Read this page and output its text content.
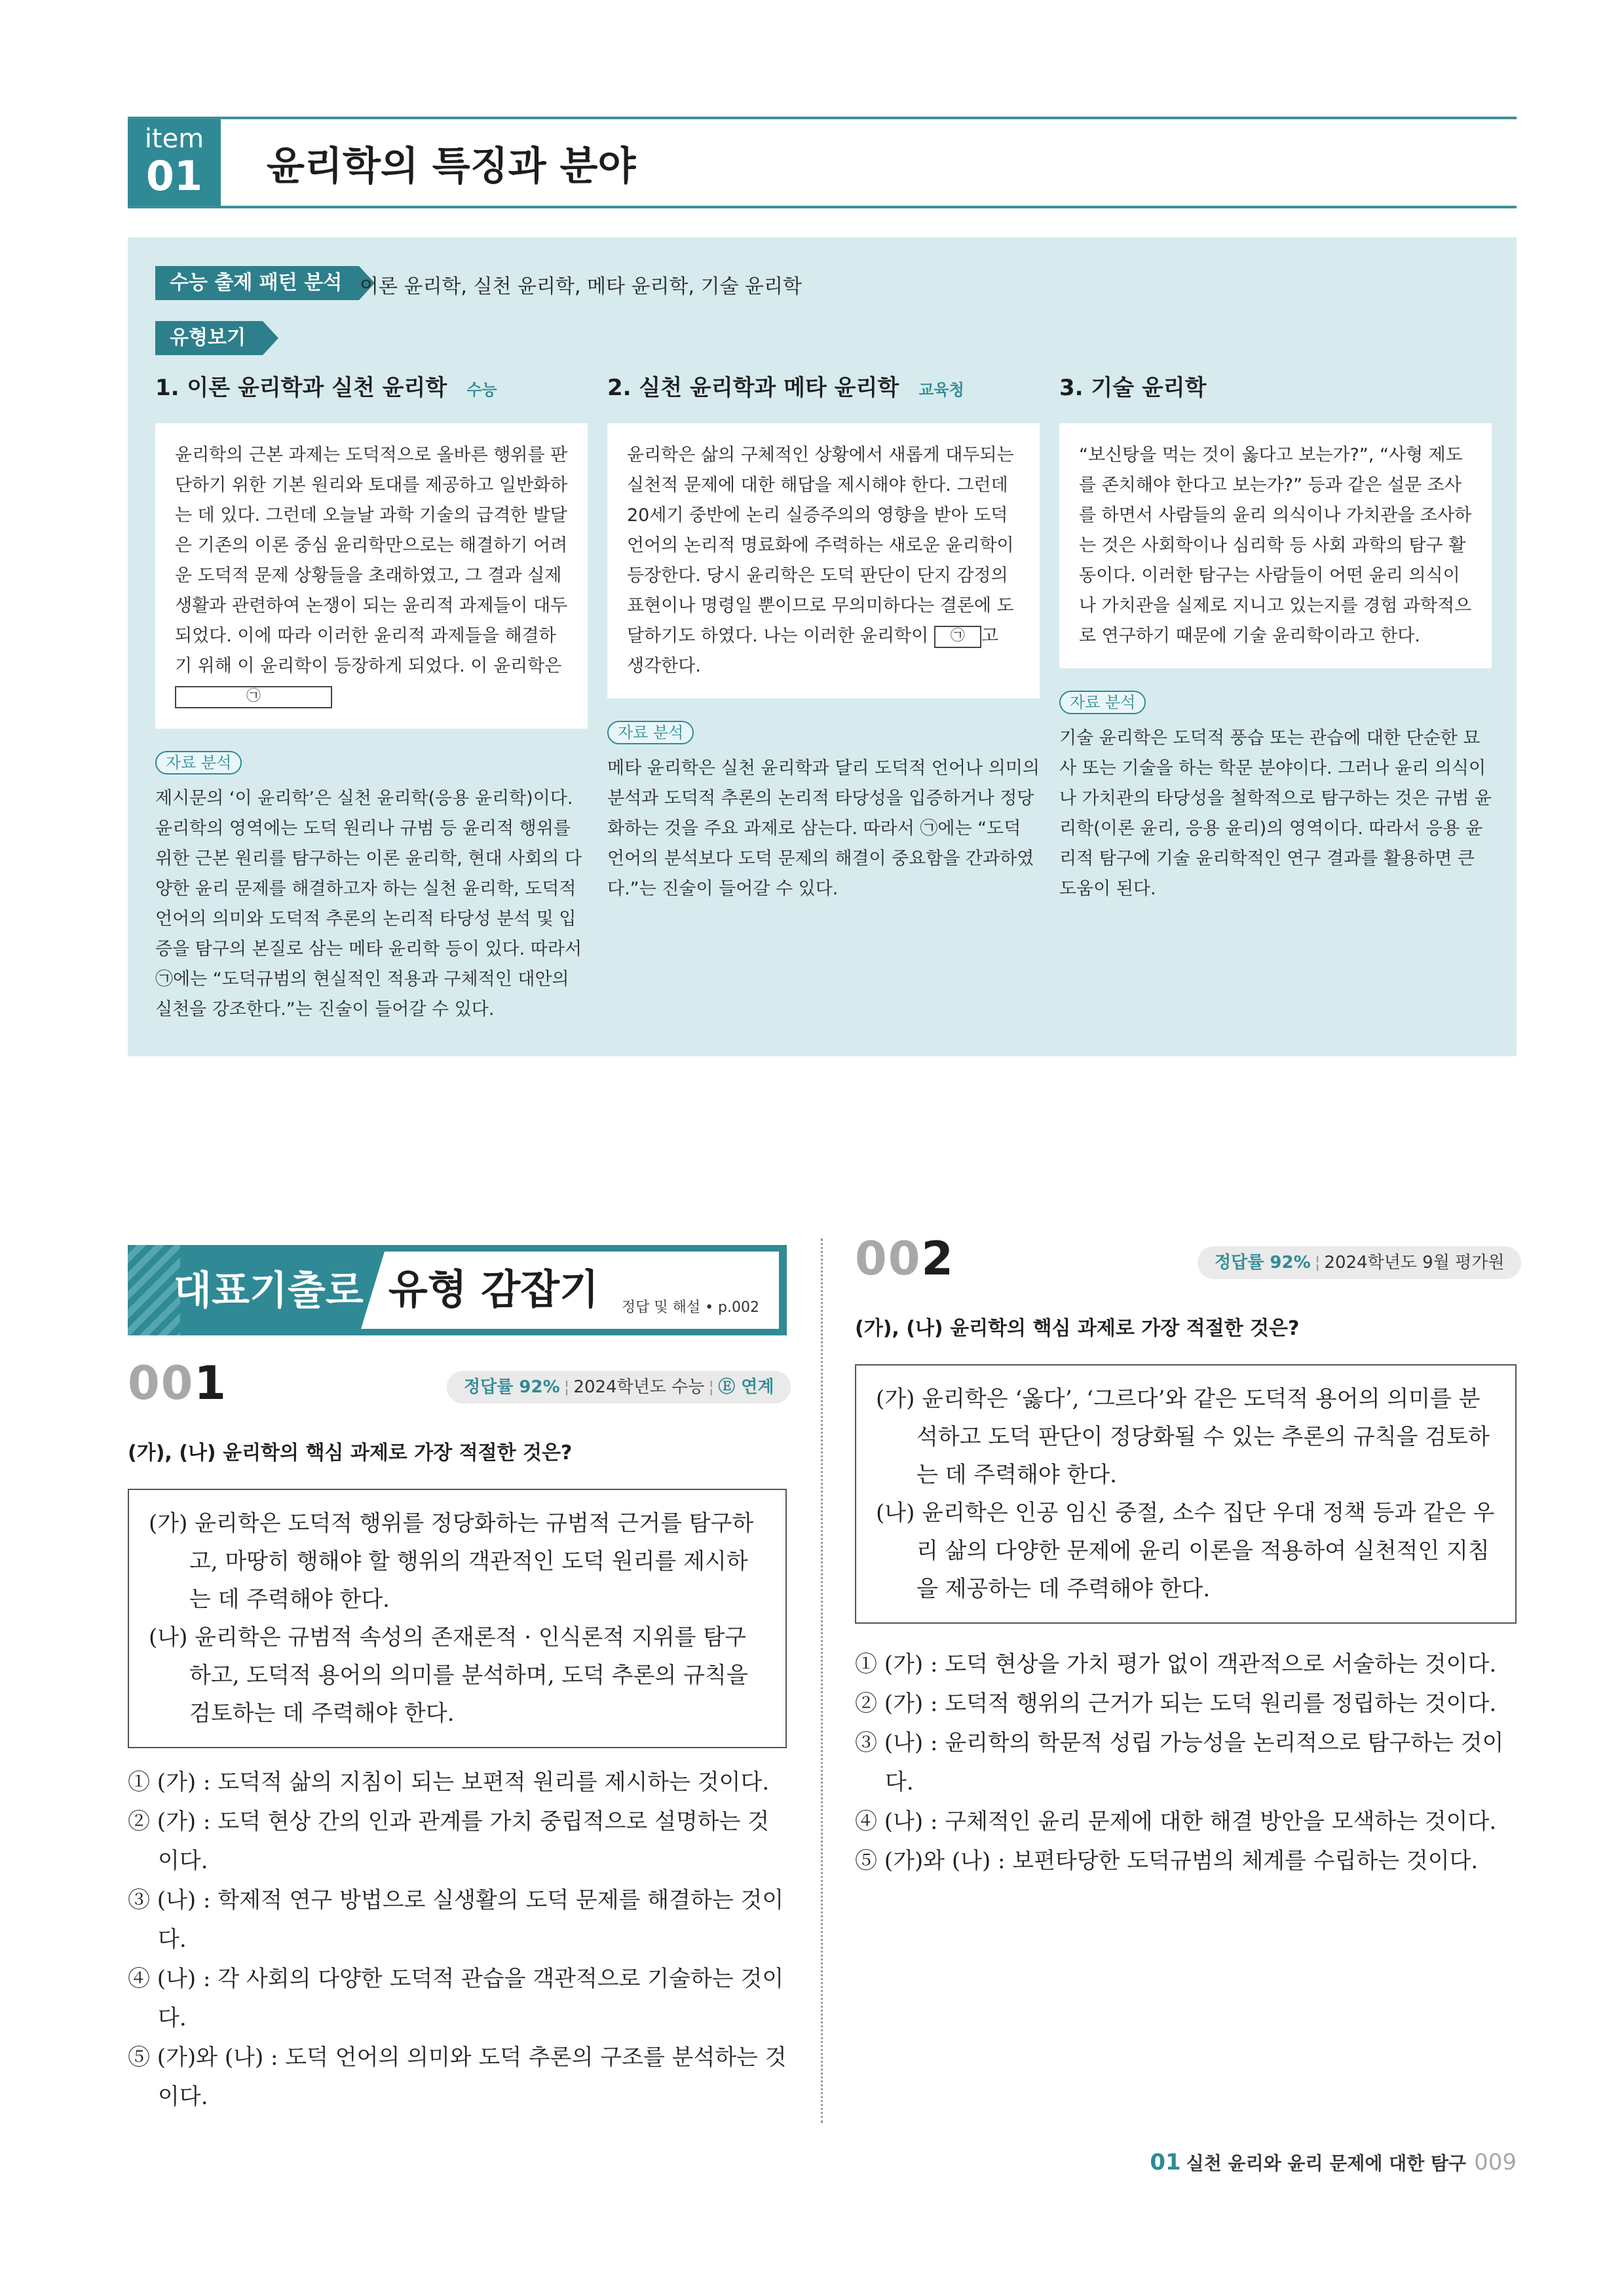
item
01	윤리학의 특징과 분야
수능 출제 패턴 분석 이론 윤리학, 실천 윤리학, 메타 윤리학, 기술 윤리학
유형보기
1. 이론 윤리학과 실천 윤리학 수능
윤리학의 근본 과제는 도덕적으로 올바른 행위를 판단하기 위한 기본 원리와 토대를 제공하고 일반화하는 데 있다. 그런데 오늘날 과학 기술의 급격한 발달은 기존의 이론 중심 윤리학만으로는 해결하기 어려운 도덕적 문제 상황들을 초래하였고, 그 결과 실제 생활과 관련하여 논쟁이 되는 윤리적 과제들이 대두되었다. 이에 따라 이러한 윤리적 과제들을 해결하기 위해 이 윤리학이 등장하게 되었다. 이 윤리학은 ㉠
자료 분석
제시문의 ‘이 윤리학’은 실천 윤리학(응용 윤리학)이다. 윤리학의 영역에는 도덕 원리나 규범 등 윤리적 행위를 위한 근본 원리를 탐구하는 이론 윤리학, 현대 사회의 다양한 윤리 문제를 해결하고자 하는 실천 윤리학, 도덕적 언어의 의미와 도덕적 추론의 논리적 타당성 분석 및 입증을 탐구의 본질로 삼는 메타 윤리학 등이 있다. 따라서 ㉠에는 “도덕규범의 현실적인 적용과 구체적인 대안의 실천을 강조한다.”는 진술이 들어갈 수 있다.
2. 실천 윤리학과 메타 윤리학 교육청
윤리학은 삶의 구체적인 상황에서 새롭게 대두되는 실천적 문제에 대한 해답을 제시해야 한다. 그런데 20세기 중반에 논리 실증주의의 영향을 받아 도덕 언어의 논리적 명료화에 주력하는 새로운 윤리학이 등장한다. 당시 윤리학은 도덕 판단이 단지 감정의 표현이나 명령일 뿐이므로 무의미하다는 결론에 도달하기도 하였다. 나는 이러한 윤리학이 ㉠ 고 생각한다.
자료 분석
메타 윤리학은 실천 윤리학과 달리 도덕적 언어나 의미의 분석과 도덕적 추론의 논리적 타당성을 입증하거나 정당화하는 것을 주요 과제로 삼는다. 따라서 ㉠에는 “도덕 언어의 분석보다 도덕 문제의 해결이 중요함을 간과하였다.”는 진술이 들어갈 수 있다.
3. 기술 윤리학
“보신탕을 먹는 것이 옳다고 보는가?”, “사형 제도를 존치해야 한다고 보는가?” 등과 같은 설문 조사를 하면서 사람들의 윤리 의식이나 가치관을 조사하는 것은 사회학이나 심리학 등 사회 과학의 탐구 활동이다. 이러한 탐구는 사람들이 어떤 윤리 의식이나 가치관을 실제로 지니고 있는지를 경험 과학적으로 연구하기 때문에 기술 윤리학이라고 한다.
자료 분석
기술 윤리학은 도덕적 풍습 또는 관습에 대한 단순한 묘사 또는 기술을 하는 학문 분야이다. 그러나 윤리 의식이나 가치관의 타당성을 철학적으로 탐구하는 것은 규범 윤리학(이론 윤리, 응용 윤리)의 영역이다. 따라서 응용 윤리적 탐구에 기술 윤리학적인 연구 결과를 활용하면 큰 도움이 된다.
대표기출로 유형 감잡기 정답 및 해설 • p.002
001	정답률 92% ¦ 2024학년도 수능 ¦ Ⓔ 연계
(가), (나) 윤리학의 핵심 과제로 가장 적절한 것은?

(가) 윤리학은 도덕적 행위를 정당화하는 규범적 근거를 탐구하고, 마땅히 행해야 할 행위의 객관적인 도덕 원리를 제시하는 데 주력해야 한다.

(나) 윤리학은 규범적 속성의 존재론적 · 인식론적 지위를 탐구하고, 도덕적 용어의 의미를 분석하며, 도덕 추론의 규칙을 검토하는 데 주력해야 한다.

① (가) : 도덕적 삶의 지침이 되는 보편적 원리를 제시하는 것이다.

② (가) : 도덕 현상 간의 인과 관계를 가치 중립적으로 설명하는 것이다.

③ (나) : 학제적 연구 방법으로 실생활의 도덕 문제를 해결하는 것이다.

④ (나) : 각 사회의 다양한 도덕적 관습을 객관적으로 기술하는 것이다.

⑤ (가)와 (나) : 도덕 언어의 의미와 도덕 추론의 구조를 분석하는 것이다.

002	정답률 92% ¦ 2024학년도 9월 평가원
(가), (나) 윤리학의 핵심 과제로 가장 적절한 것은?

(가) 윤리학은 ‘옳다’, ‘그르다’와 같은 도덕적 용어의 의미를 분석하고 도덕 판단이 정당화될 수 있는 추론의 규칙을 검토하는 데 주력해야 한다.

(나) 윤리학은 인공 임신 중절, 소수 집단 우대 정책 등과 같은 우리 삶의 다양한 문제에 윤리 이론을 적용하여 실천적인 지침을 제공하는 데 주력해야 한다.

① (가) : 도덕 현상을 가치 평가 없이 객관적으로 서술하는 것이다.

② (가) : 도덕적 행위의 근거가 되는 도덕 원리를 정립하는 것이다.

③ (나) : 윤리학의 학문적 성립 가능성을 논리적으로 탐구하는 것이다.

④ (나) : 구체적인 윤리 문제에 대한 해결 방안을 모색하는 것이다.

⑤ (가)와 (나) : 보편타당한 도덕규범의 체계를 수립하는 것이다.

01 실천 윤리와 윤리 문제에 대한 탐구 009
